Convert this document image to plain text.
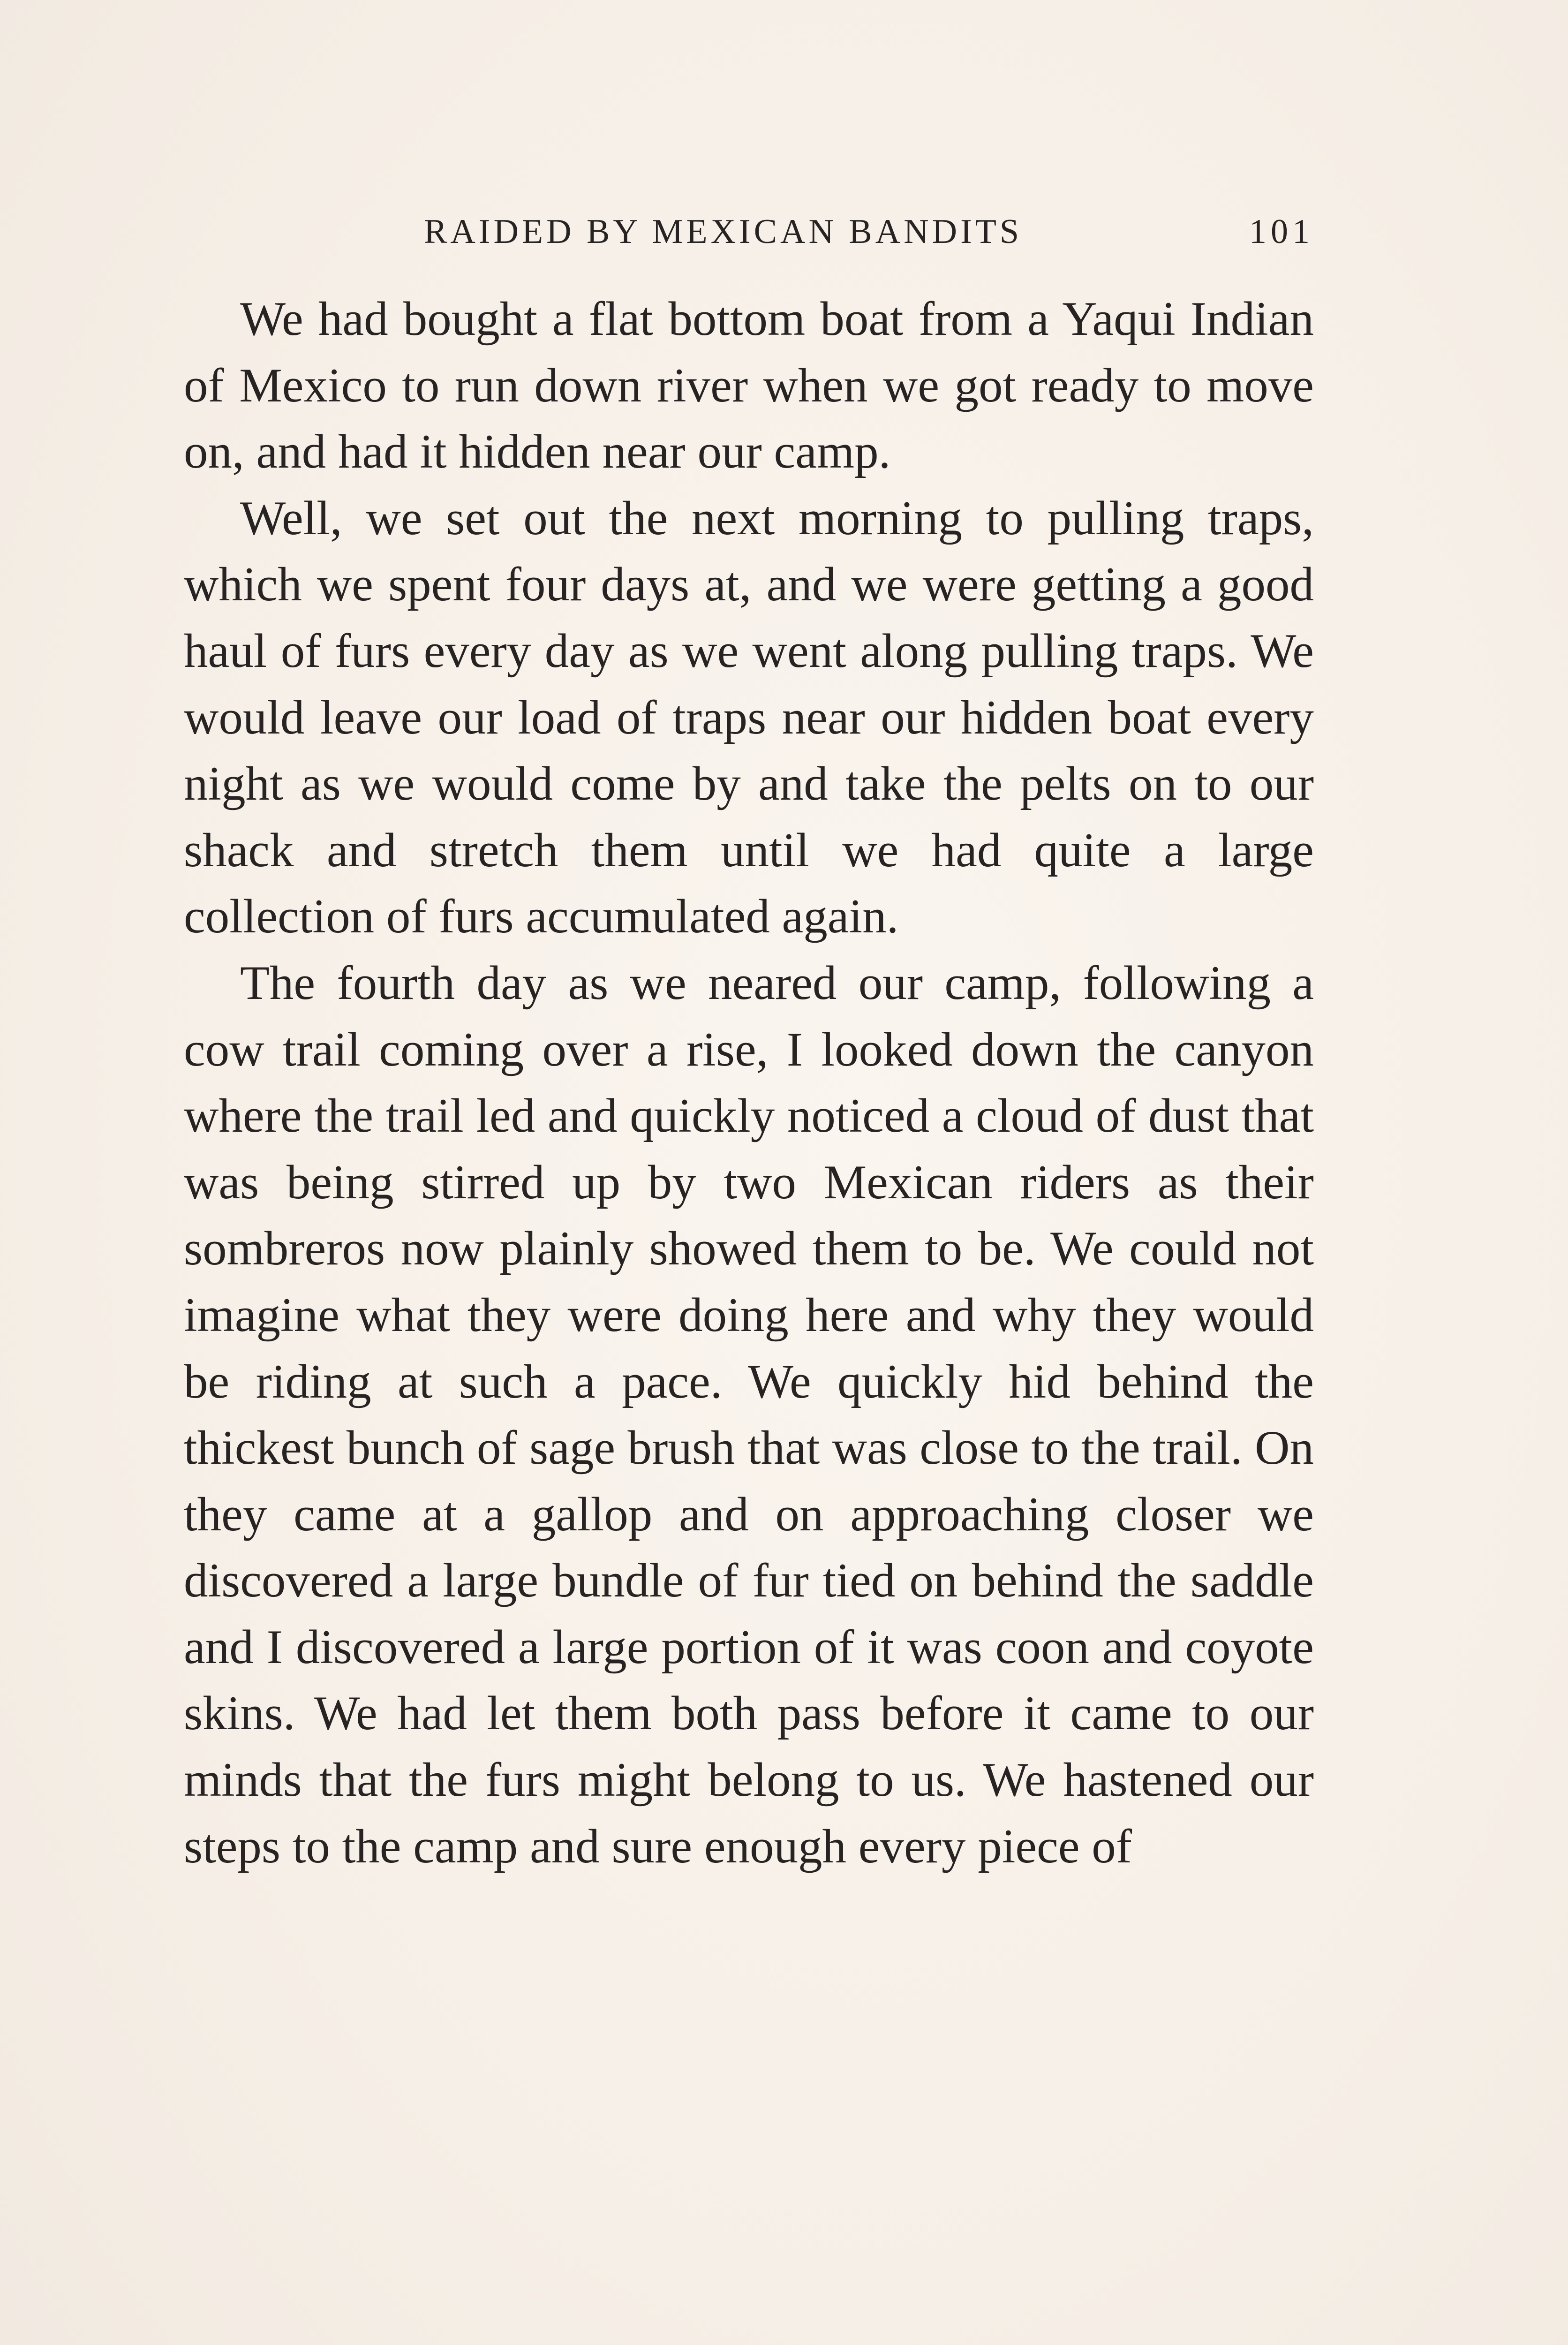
RAIDED BY MEXICAN BANDITS	101

We had bought a flat bottom boat from a Yaqui Indian of Mexico to run down river when we got ready to move on, and had it hidden near our camp.

Well, we set out the next morning to pulling traps, which we spent four days at, and we were getting a good haul of furs every day as we went along pulling traps. We would leave our load of traps near our hidden boat every night as we would come by and take the pelts on to our shack and stretch them until we had quite a large collection of furs accumulated again.

The fourth day as we neared our camp, following a cow trail coming over a rise, I looked down the canyon where the trail led and quickly noticed a cloud of dust that was being stirred up by two Mexican riders as their sombreros now plainly showed them to be. We could not imagine what they were doing here and why they would be riding at such a pace. We quickly hid behind the thickest bunch of sage brush that was close to the trail. On they came at a gallop and on approaching closer we discovered a large bundle of fur tied on behind the saddle and I discovered a large portion of it was coon and coyote skins. We had let them both pass before it came to our minds that the furs might belong to us. We hastened our steps to the camp and sure enough every piece of
